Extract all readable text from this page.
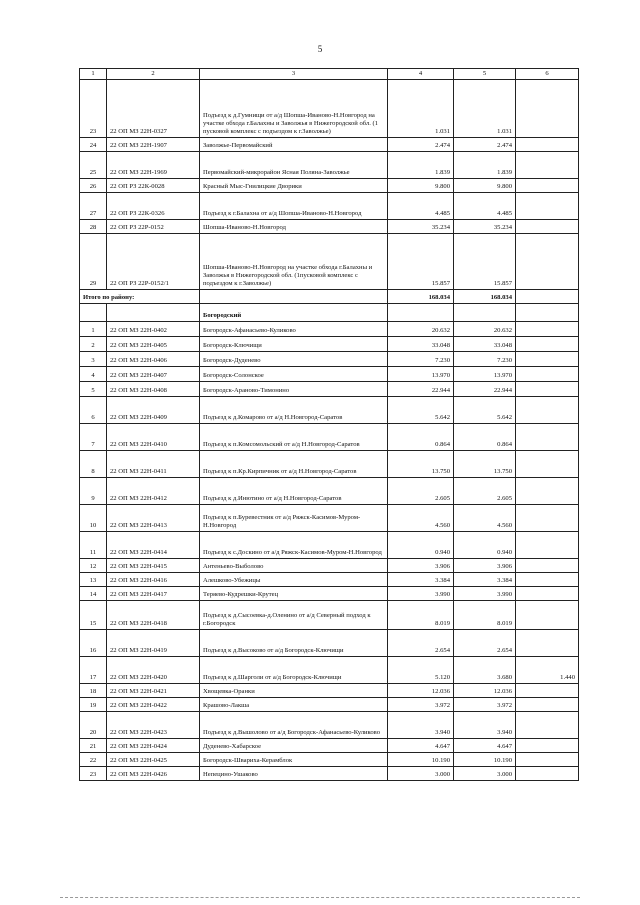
5
1	2	3	4	5	6
23	22 ОП МЗ 22Н-0327	Подъезд к д.Гумнищи от а/д Шопша-Иваново-Н.Новгород на участке обхода г.Балахны и Заволжья в Нижегородской обл. (1 пусковой комплекс с подъездом к г.Заволжье)	1.031	1.031	
24	22 ОП МЗ 22Н-1907	Заволжье-Первомайский	2.474	2.474	
25	22 ОП МЗ 22Н-1969	Первомайский-микрорайон Ясная Поляна-Заволжье	1.839	1.839	
26	22 ОП РЗ 22К-0028	Красный Мыс-Гнилицкие Дворики	9.800	9.800	
27	22 ОП РЗ 22К-0326	Подъезд к г.Балахна от а/д Шопша-Иваново-Н.Новгород	4.485	4.485	
28	22 ОП РЗ 22Р-0152	Шопша-Иваново-Н.Новгород	35.234	35.234	
29	22 ОП РЗ 22Р-0152/1	Шопша-Иваново-Н.Новгород на участке обхода г.Балахны и Заволжья в Нижегородской обл. (1пусковой комплекс с подъездом к г.Заволжье)	15.857	15.857	
Итого по району:			168.034	168.034	
		Богородский			
1	22 ОП МЗ 22Н-0402	Богородск-Афанасьево-Куликово	20.632	20.632	
2	22 ОП МЗ 22Н-0405	Богородск-Ключищи	33.048	33.048	
3	22 ОП МЗ 22Н-0406	Богородск-Дуденево	7.230	7.230	
4	22 ОП МЗ 22Н-0407	Богородск-Солонское	13.970	13.970	
5	22 ОП МЗ 22Н-0408	Богородск-Араново-Тимонино	22.944	22.944	
6	22 ОП МЗ 22Н-0409	Подъезд к д.Комарово от а/д Н.Новгород-Саратов	5.642	5.642	
7	22 ОП МЗ 22Н-0410	Подъезд к п.Комсомольский от а/д Н.Новгород-Саратов	0.864	0.864	
8	22 ОП МЗ 22Н-0411	Подъезд к п.Кр.Кирпичник от а/д Н.Новгород-Саратов	13.750	13.750	
9	22 ОП МЗ 22Н-0412	Подъезд к д.Инютино от а/д Н.Новгород-Саратов	2.605	2.605	
10	22 ОП МЗ 22Н-0413	Подъезд к п.Буревестник от а/д Ряжск-Касимов-Муром-Н.Новгород	4.560	4.560	
11	22 ОП МЗ 22Н-0414	Подъезд к с.Доскино от а/д Ряжск-Касимов-Муром-Н.Новгород	0.940	0.940	
12	22 ОП МЗ 22Н-0415	Антеньево-Выболово	3.906	3.906	
13	22 ОП МЗ 22Н-0416	Алешково-Убежицы	3.384	3.384	
14	22 ОП МЗ 22Н-0417	Теряево-Кудрешки-Крутец	3.990	3.990	
15	22 ОП МЗ 22Н-0418	Подъезд к д.Сысоевка-д.Оленино от а/д Северный подход к г.Богородск	8.019	8.019	
16	22 ОП МЗ 22Н-0419	Подъезд к д.Высоково от а/д Богородск-Ключищи	2.654	2.654	
17	22 ОП МЗ 22Н-0420	Подъезд к д.Шарголи от а/д Богородск-Ключищи	5.120	3.680	1.440
18	22 ОП МЗ 22Н-0421	Хвощевка-Оранки	12.036	12.036	
19	22 ОП МЗ 22Н-0422	Крашово-Лакша	3.972	3.972	
20	22 ОП МЗ 22Н-0423	Подъезд к д.Вышолово от а/д Богородск-Афанасьево-Куликово	3.940	3.940	
21	22 ОП МЗ 22Н-0424	Дуденево-Хабарское	4.647	4.647	
22	22 ОП МЗ 22Н-0425	Богородск-Швариха-Керамблок	10.190	10.190	
23	22 ОП МЗ 22Н-0426	Непецино-Ушаково	3.000	3.000	
